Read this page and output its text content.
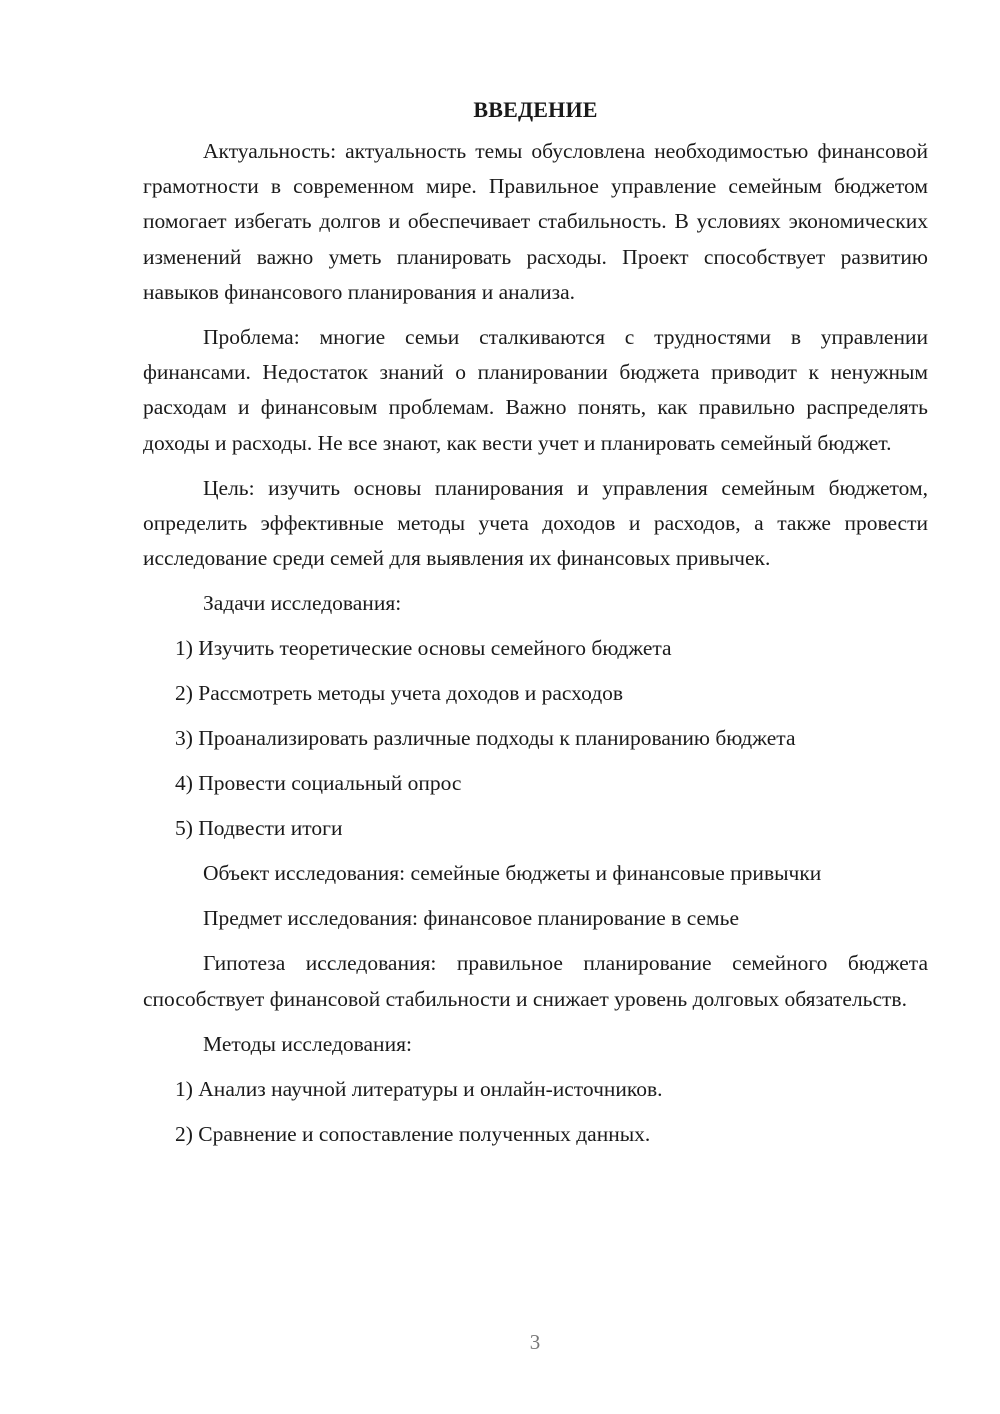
ВВЕДЕНИЕ

Актуальность: актуальность темы обусловлена необходимостью финансовой грамотности в современном мире. Правильное управление семейным бюджетом помогает избегать долгов и обеспечивает стабильность. В условиях экономических изменений важно уметь планировать расходы. Проект способствует развитию навыков финансового планирования и анализа.

Проблема: многие семьи сталкиваются с трудностями в управлении финансами. Недостаток знаний о планировании бюджета приводит к ненужным расходам и финансовым проблемам. Важно понять, как правильно распределять доходы и расходы. Не все знают, как вести учет и планировать семейный бюджет.

Цель: изучить основы планирования и управления семейным бюджетом, определить эффективные методы учета доходов и расходов, а также провести исследование среди семей для выявления их финансовых привычек.

Задачи исследования:

1) Изучить теоретические основы семейного бюджета
2) Рассмотреть методы учета доходов и расходов
3) Проанализировать различные подходы к планированию бюджета
4) Провести социальный опрос
5) Подвести итоги

Объект исследования: семейные бюджеты и финансовые привычки

Предмет исследования: финансовое планирование в семье

Гипотеза исследования: правильное планирование семейного бюджета способствует финансовой стабильности и снижает уровень долговых обязательств.

Методы исследования:

1) Анализ научной литературы и онлайн-источников.
2) Сравнение и сопоставление полученных данных.
3
